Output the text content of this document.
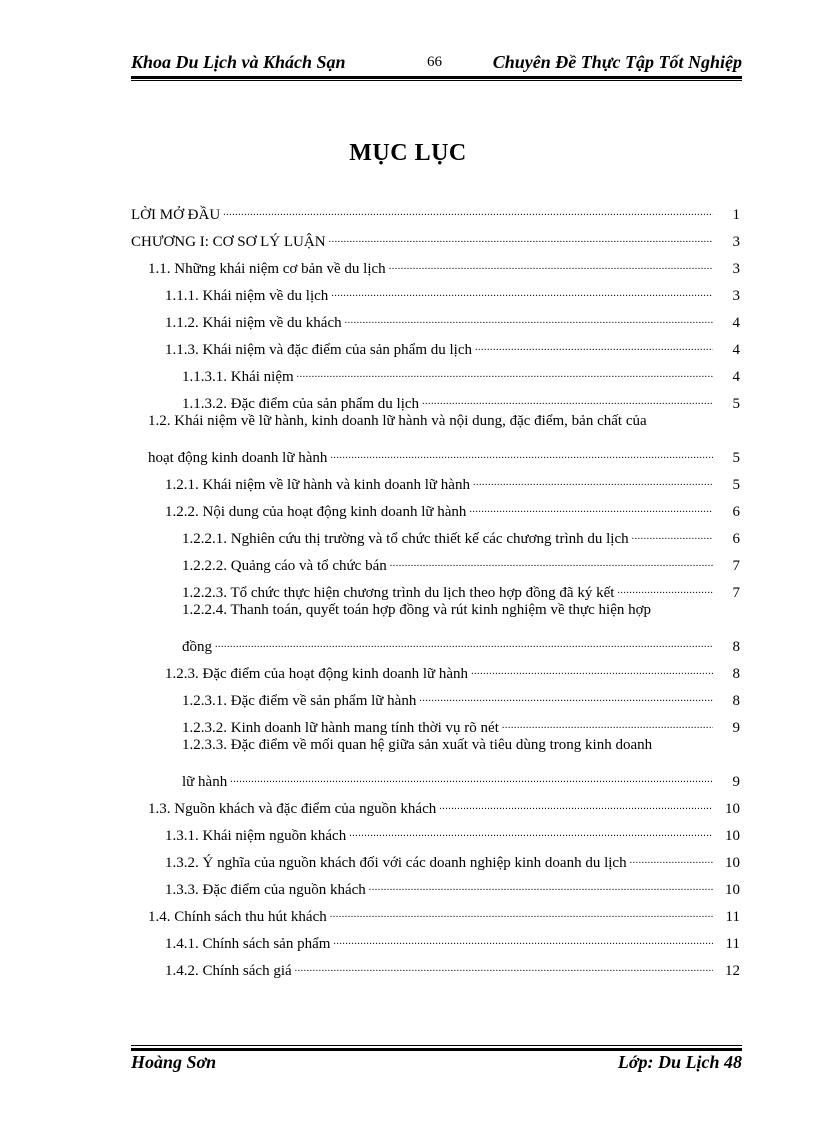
Khoa Du Lịch và Khách Sạn	66	Chuyên Đề Thực Tập Tốt Nghiệp
MỤC LỤC
LỜI MỞ ĐẦU .....	1
CHƯƠNG I: CƠ SƠ LÝ LUẬN .....	3
1.1. Những khái niệm cơ bản về du lịch .....	3
1.1.1. Khái niệm về du lịch .....	3
1.1.2. Khái niệm về du khách .....	4
1.1.3. Khái niệm và đặc điểm của sản phẩm du lịch .....	4
1.1.3.1. Khái niệm .....	4
1.1.3.2. Đặc điểm của sản phẩm du lịch .....	5
1.2. Khái niệm về lữ hành, kinh doanh lữ hành và nội dung, đặc điểm, bản chất của
hoạt động kinh doanh lữ hành .....	5
1.2.1. Khái niệm về lữ hành và kinh doanh lữ hành .....	5
1.2.2. Nội dung của hoạt động kinh doanh lữ hành .....	6
1.2.2.1. Nghiên cứu thị trường và tổ chức thiết kế các chương trình du lịch .....	6
1.2.2.2. Quảng cáo và tổ chức bán .....	7
1.2.2.3. Tổ chức thực hiện chương trình du lịch theo hợp đồng đã ký kết .....	7
1.2.2.4. Thanh toán, quyết toán hợp đồng và rút kinh nghiệm về thực hiện hợp
đồng .....	8
1.2.3. Đặc điểm của hoạt động kinh doanh lữ hành .....	8
1.2.3.1. Đặc điểm về sản phẩm lữ hành .....	8
1.2.3.2. Kinh doanh lữ hành mang tính thời vụ rõ nét .....	9
1.2.3.3. Đặc điểm về mối quan hệ giữa sản xuất và tiêu dùng trong kinh doanh
lữ hành .....	9
1.3. Nguồn khách và đặc điểm của nguồn khách .....	10
1.3.1. Khái niệm nguồn khách .....	10
1.3.2. Ý nghĩa của nguồn khách đối với các doanh nghiệp kinh doanh du lịch .....	10
1.3.3. Đặc điểm của nguồn khách .....	10
1.4. Chính sách thu hút khách .....	11
1.4.1. Chính sách sản phẩm .....	11
1.4.2. Chính sách giá .....	12
Hoàng Sơn	Lớp: Du Lịch 48
